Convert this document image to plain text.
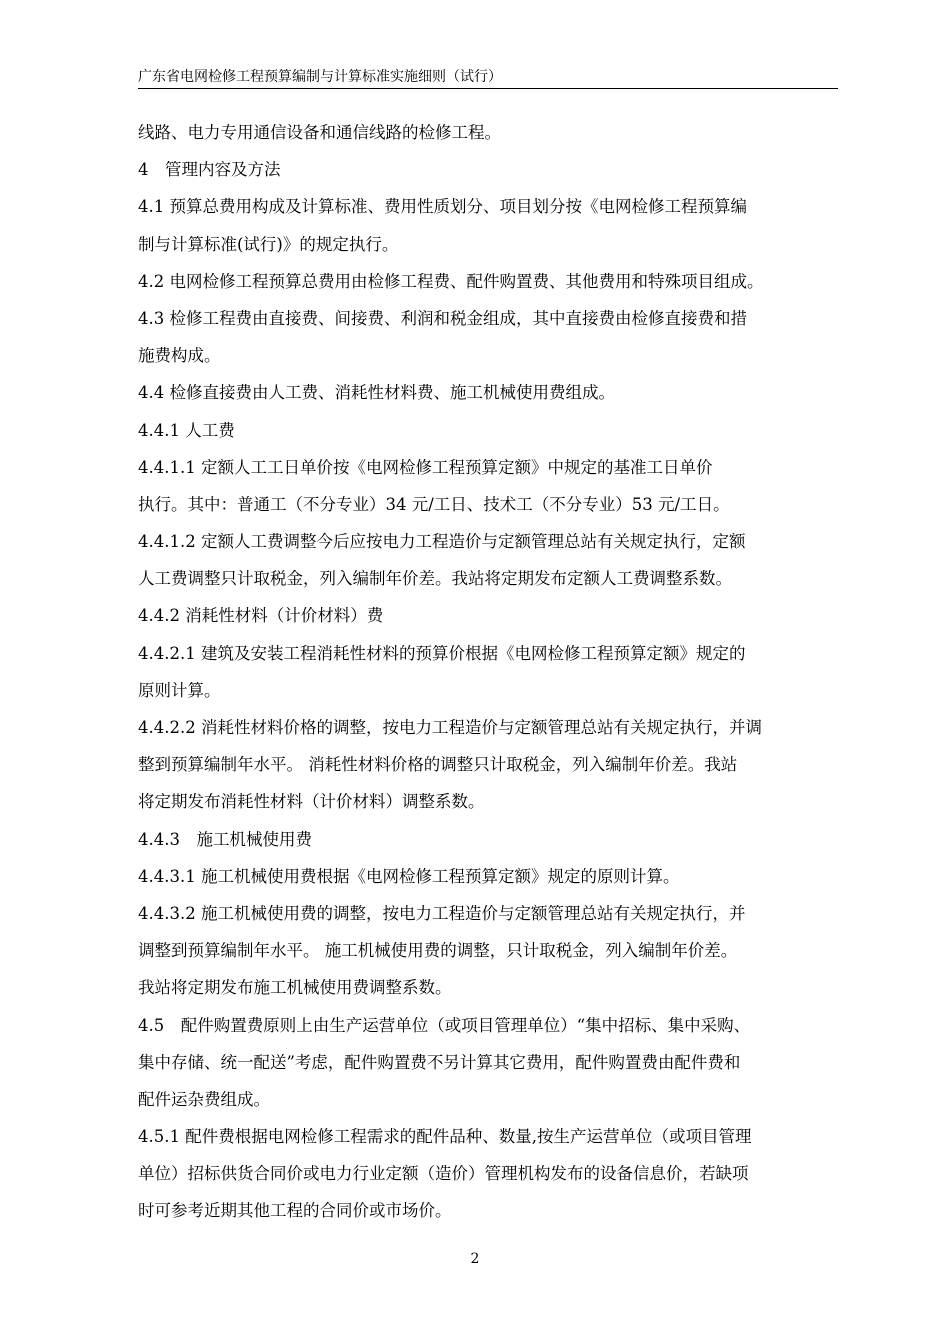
广东省电网检修工程预算编制与计算标准实施细则（试行）
线路、电力专用通信设备和通信线路的检修工程。
4　管理内容及方法
4.1 预算总费用构成及计算标准、费用性质划分、项目划分按《电网检修工程预算编
制与计算标准(试行)》的规定执行。
4.2 电网检修工程预算总费用由检修工程费、配件购置费、其他费用和特殊项目组成。
4.3 检修工程费由直接费、间接费、利润和税金组成，其中直接费由检修直接费和措
施费构成。
4.4 检修直接费由人工费、消耗性材料费、施工机械使用费组成。
4.4.1 人工费
4.4.1.1 定额人工工日单价按《电网检修工程预算定额》中规定的基准工日单价
执行。其中：普通工（不分专业）34 元/工日、技术工（不分专业）53 元/工日。
4.4.1.2 定额人工费调整今后应按电力工程造价与定额管理总站有关规定执行，定额
人工费调整只计取税金，列入编制年价差。我站将定期发布定额人工费调整系数。
4.4.2 消耗性材料（计价材料）费
4.4.2.1 建筑及安装工程消耗性材料的预算价根据《电网检修工程预算定额》规定的
原则计算。
4.4.2.2 消耗性材料价格的调整，按电力工程造价与定额管理总站有关规定执行，并调
整到预算编制年水平。 消耗性材料价格的调整只计取税金，列入编制年价差。我站
将定期发布消耗性材料（计价材料）调整系数。
4.4.3　施工机械使用费
4.4.3.1 施工机械使用费根据《电网检修工程预算定额》规定的原则计算。
4.4.3.2 施工机械使用费的调整，按电力工程造价与定额管理总站有关规定执行，并
调整到预算编制年水平。 施工机械使用费的调整，只计取税金，列入编制年价差。
我站将定期发布施工机械使用费调整系数。
4.5　配件购置费原则上由生产运营单位（或项目管理单位）“集中招标、集中采购、
集中存储、统一配送”考虑，配件购置费不另计算其它费用，配件购置费由配件费和
配件运杂费组成。
4.5.1 配件费根据电网检修工程需求的配件品种、数量,按生产运营单位（或项目管理
单位）招标供货合同价或电力行业定额（造价）管理机构发布的设备信息价，若缺项
时可参考近期其他工程的合同价或市场价。
2
